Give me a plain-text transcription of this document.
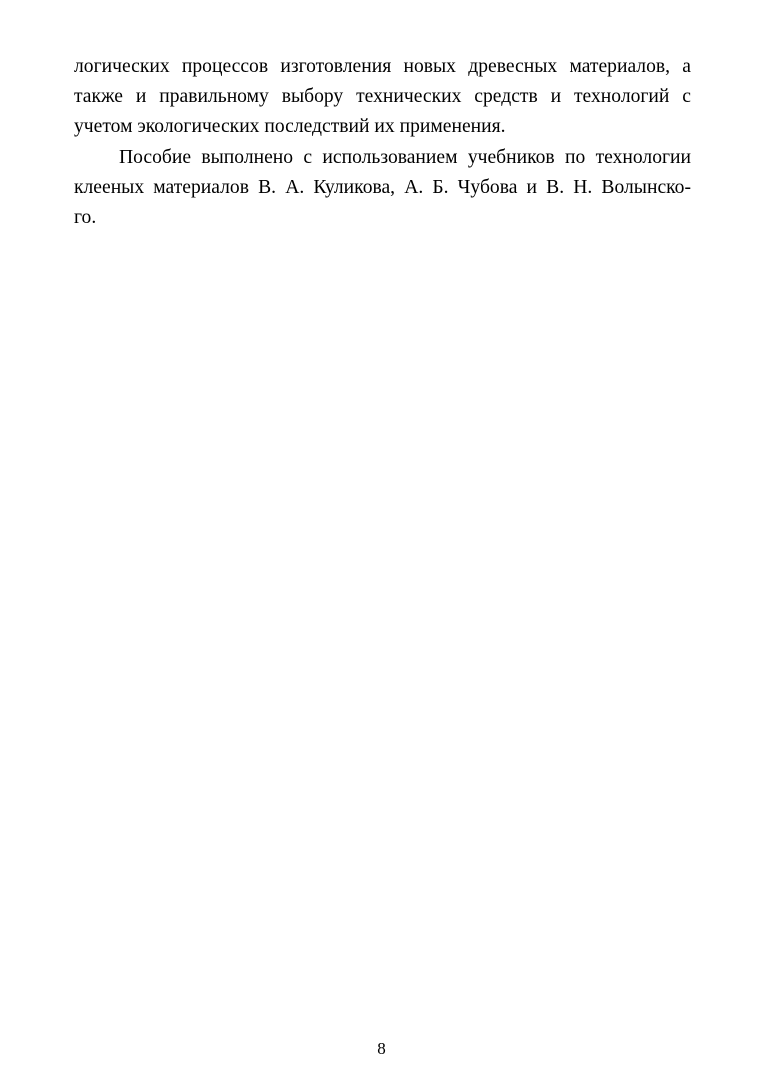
логических процессов изготовления новых древесных материалов, а
также и правильному выбору технических средств и технологий с
учетом экологических последствий их применения.
Пособие выполнено с использованием учебников по технологии
клееных материалов В. А. Куликова, А. Б. Чубова и В. Н. Волынско-
го.
8
